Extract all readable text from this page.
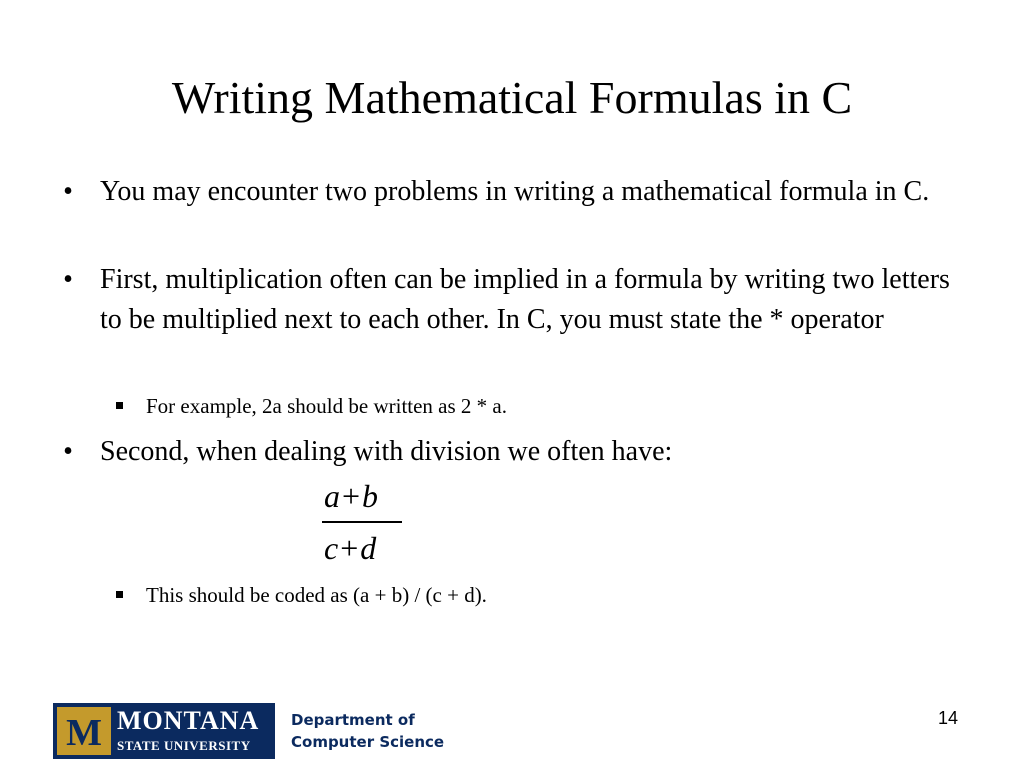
Writing Mathematical Formulas in C
• You may encounter two problems in writing a mathematical formula in C.
• First, multiplication often can be implied in a formula by writing two letters to be multiplied next to each other. In C, you must state the * operator
For example, 2a should be written as 2 * a.
• Second, when dealing with division we often have:
a+b
c+d
This should be coded as (a + b) / (c + d).
M MONTANA
STATE UNIVERSITY
Department of
Computer Science
14
